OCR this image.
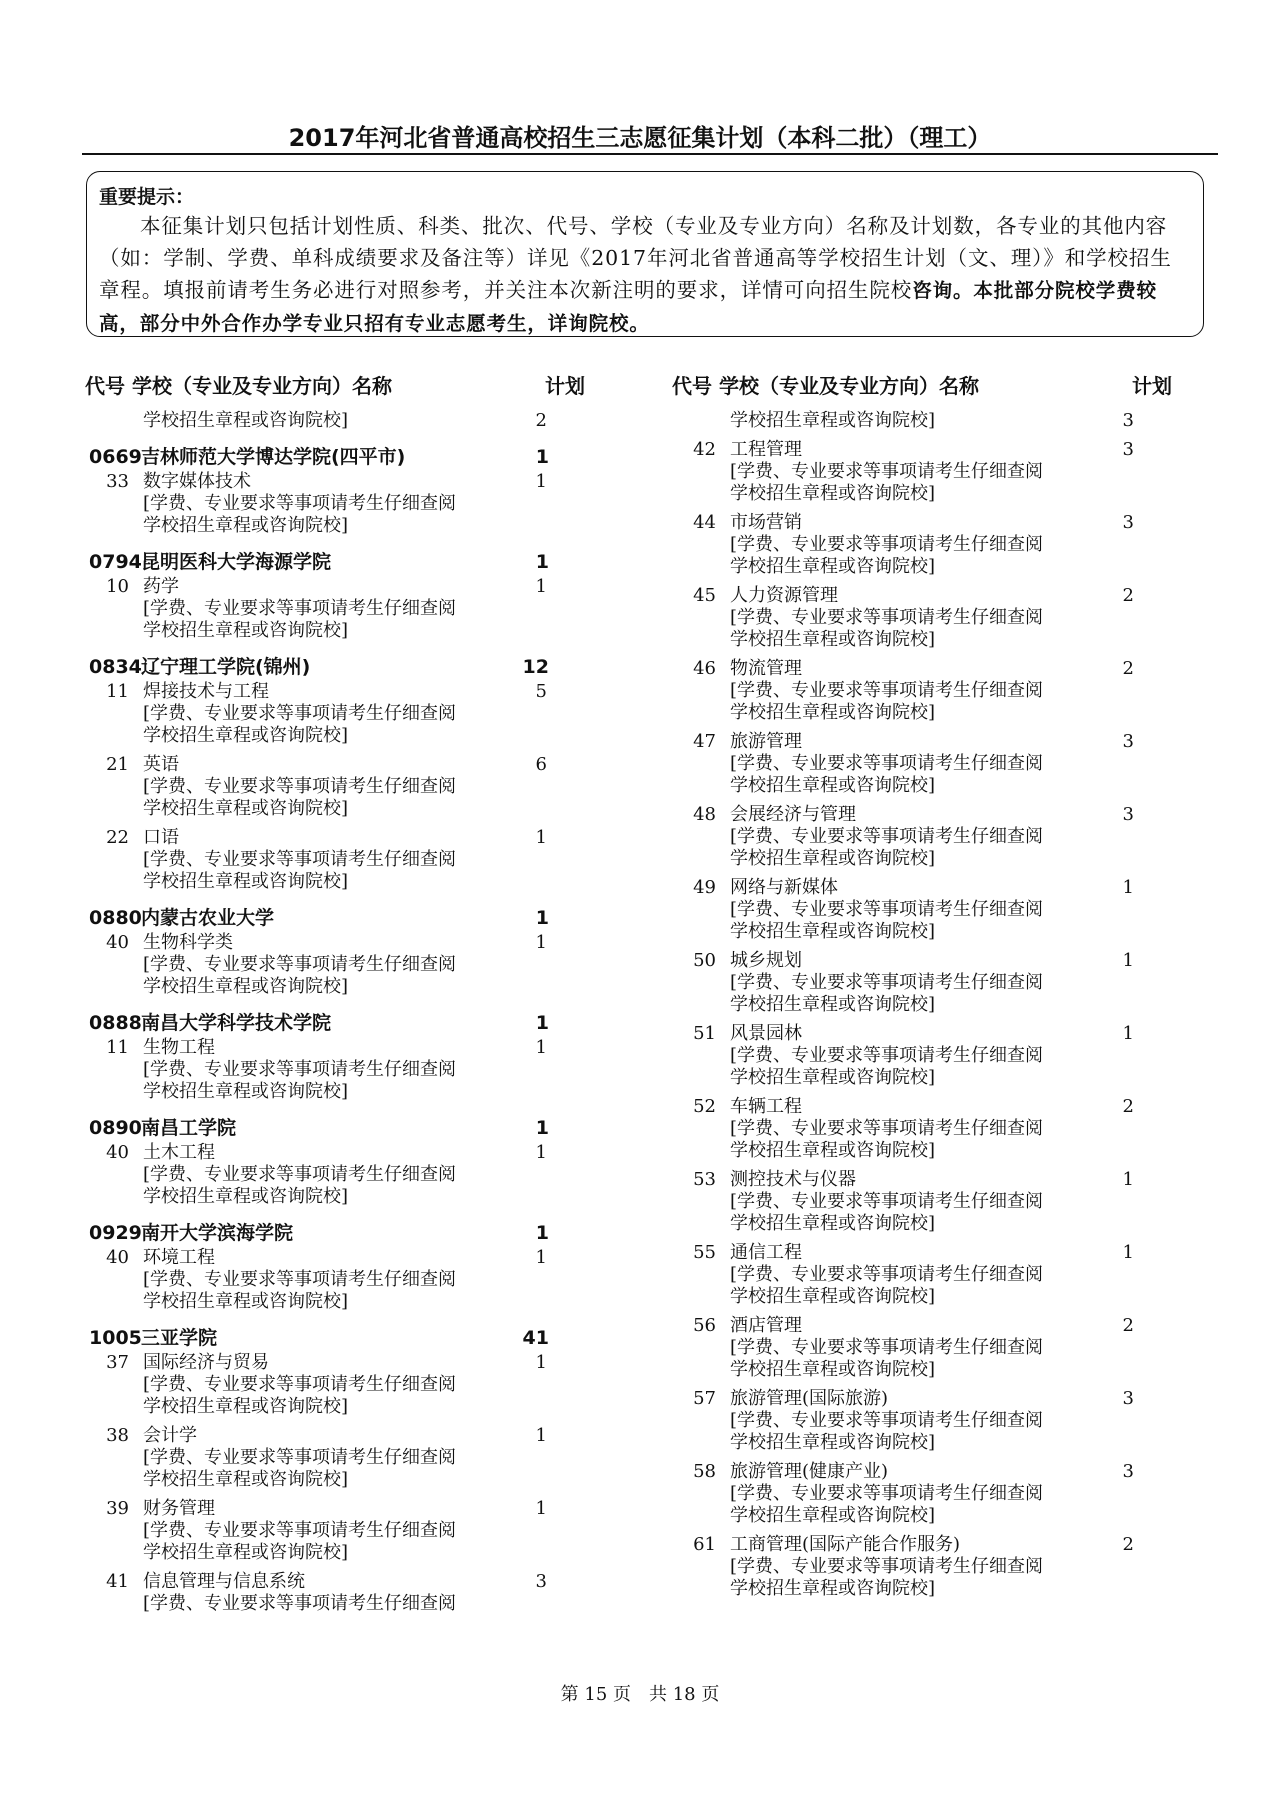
2017年河北省普通高校招生三志愿征集计划（本科二批）（理工）
重要提示：
本征集计划只包括计划性质、科类、批次、代号、学校（专业及专业方向）名称及计划数，各专业的其他内容（如：学制、学费、单科成绩要求及备注等）详见《2017年河北省普通高等学校招生计划（文、理）》和学校招生章程。填报前请考生务必进行对照参考，并关注本次新注明的要求，详情可向招生院校咨询。本批部分院校学费较高，部分中外合作办学专业只招有专业志愿考生，详询院校。
代号 学校（专业及专业方向）名称	计划
学校招生章程或咨询院校]	2
0669 吉林师范大学博达学院(四平市)	1
33 数字媒体技术	1
[学费、专业要求等事项请考生仔细查阅
学校招生章程或咨询院校]
0794 昆明医科大学海源学院	1
10 药学	1
[学费、专业要求等事项请考生仔细查阅
学校招生章程或咨询院校]
0834 辽宁理工学院(锦州)	12
11 焊接技术与工程	5
[学费、专业要求等事项请考生仔细查阅
学校招生章程或咨询院校]
21 英语	6
[学费、专业要求等事项请考生仔细查阅
学校招生章程或咨询院校]
22 口语	1
[学费、专业要求等事项请考生仔细查阅
学校招生章程或咨询院校]
0880 内蒙古农业大学	1
40 生物科学类	1
[学费、专业要求等事项请考生仔细查阅
学校招生章程或咨询院校]
0888 南昌大学科学技术学院	1
11 生物工程	1
[学费、专业要求等事项请考生仔细查阅
学校招生章程或咨询院校]
0890 南昌工学院	1
40 土木工程	1
[学费、专业要求等事项请考生仔细查阅
学校招生章程或咨询院校]
0929 南开大学滨海学院	1
40 环境工程	1
[学费、专业要求等事项请考生仔细查阅
学校招生章程或咨询院校]
1005 三亚学院	41
37 国际经济与贸易	1
[学费、专业要求等事项请考生仔细查阅
学校招生章程或咨询院校]
38 会计学	1
[学费、专业要求等事项请考生仔细查阅
学校招生章程或咨询院校]
39 财务管理	1
[学费、专业要求等事项请考生仔细查阅
学校招生章程或咨询院校]
41 信息管理与信息系统	3
[学费、专业要求等事项请考生仔细查阅
代号 学校（专业及专业方向）名称	计划
学校招生章程或咨询院校]	3
42 工程管理	3
[学费、专业要求等事项请考生仔细查阅
学校招生章程或咨询院校]
44 市场营销	3
[学费、专业要求等事项请考生仔细查阅
学校招生章程或咨询院校]
45 人力资源管理	2
[学费、专业要求等事项请考生仔细查阅
学校招生章程或咨询院校]
46 物流管理	2
[学费、专业要求等事项请考生仔细查阅
学校招生章程或咨询院校]
47 旅游管理	3
[学费、专业要求等事项请考生仔细查阅
学校招生章程或咨询院校]
48 会展经济与管理	3
[学费、专业要求等事项请考生仔细查阅
学校招生章程或咨询院校]
49 网络与新媒体	1
[学费、专业要求等事项请考生仔细查阅
学校招生章程或咨询院校]
50 城乡规划	1
[学费、专业要求等事项请考生仔细查阅
学校招生章程或咨询院校]
51 风景园林	1
[学费、专业要求等事项请考生仔细查阅
学校招生章程或咨询院校]
52 车辆工程	2
[学费、专业要求等事项请考生仔细查阅
学校招生章程或咨询院校]
53 测控技术与仪器	1
[学费、专业要求等事项请考生仔细查阅
学校招生章程或咨询院校]
55 通信工程	1
[学费、专业要求等事项请考生仔细查阅
学校招生章程或咨询院校]
56 酒店管理	2
[学费、专业要求等事项请考生仔细查阅
学校招生章程或咨询院校]
57 旅游管理(国际旅游)	3
[学费、专业要求等事项请考生仔细查阅
学校招生章程或咨询院校]
58 旅游管理(健康产业)	3
[学费、专业要求等事项请考生仔细查阅
学校招生章程或咨询院校]
61 工商管理(国际产能合作服务)	2
[学费、专业要求等事项请考生仔细查阅
学校招生章程或咨询院校]
第 15 页　共 18 页
